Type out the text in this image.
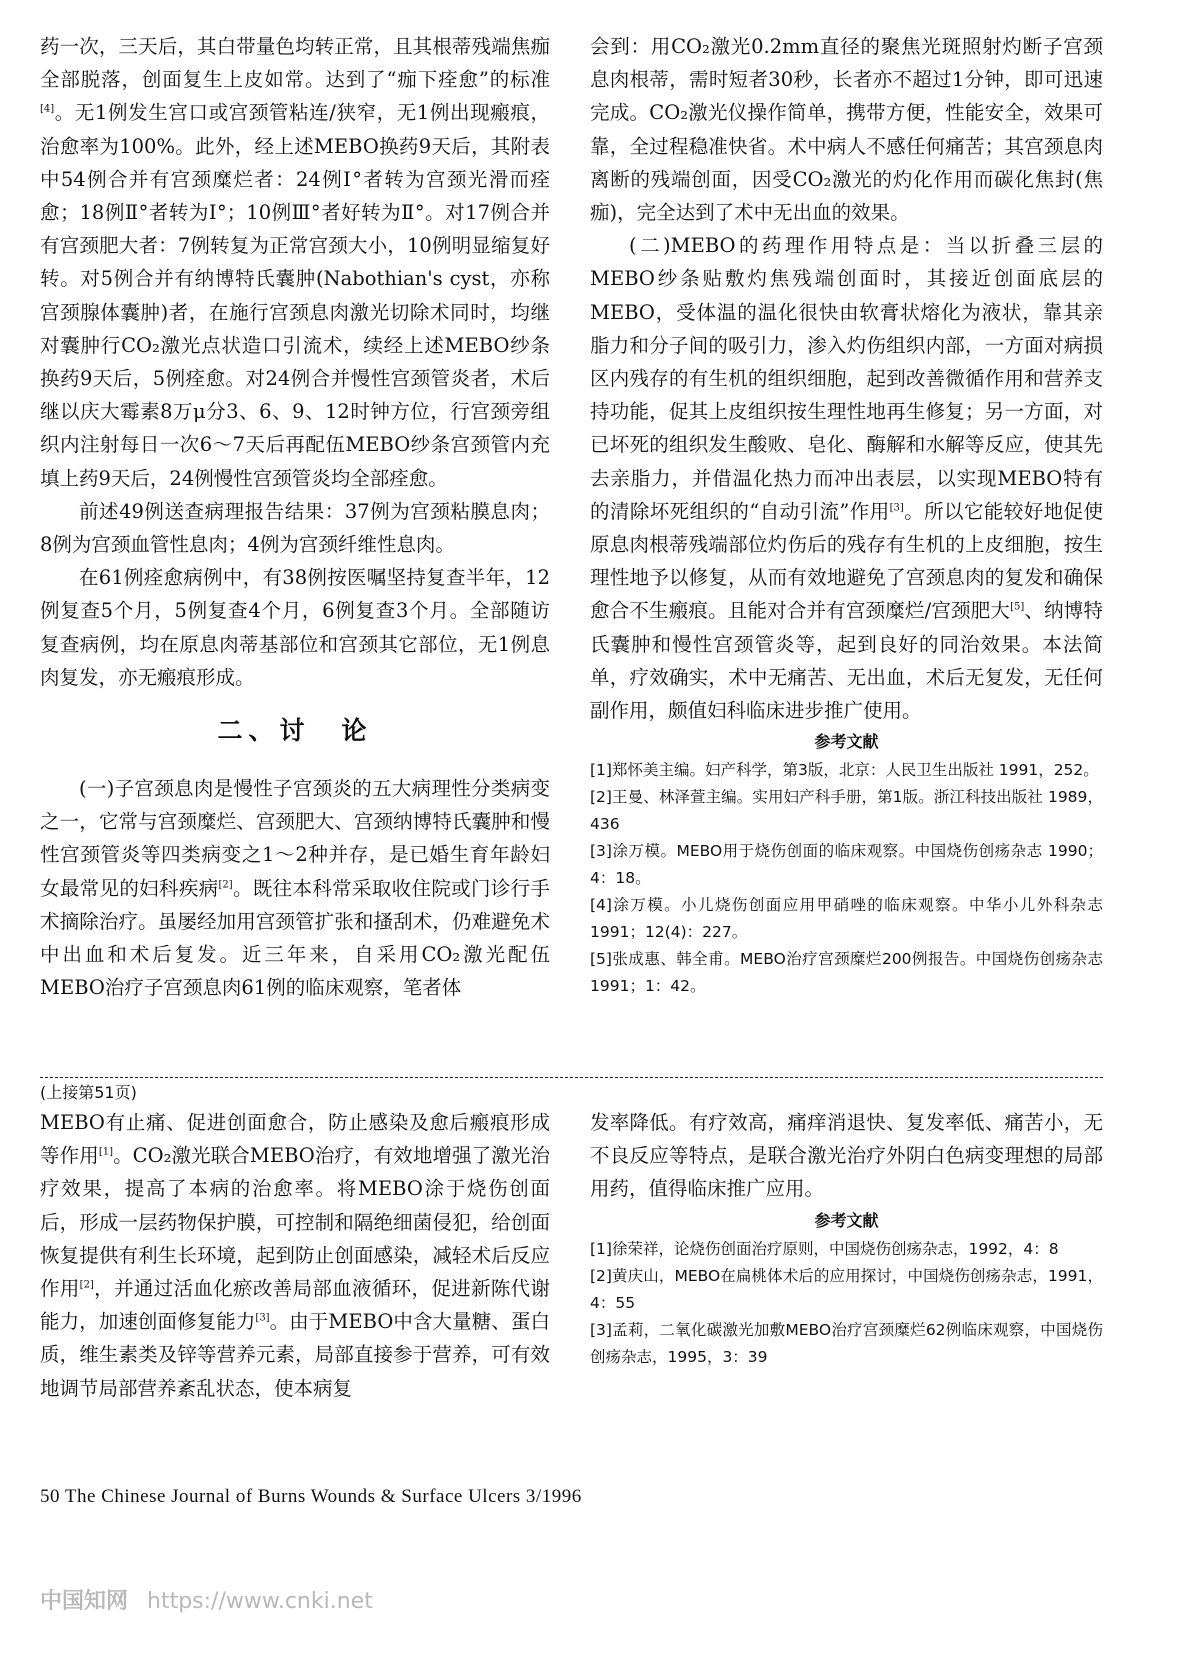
药一次，三天后，其白带量色均转正常，且其根蒂残端焦痂全部脱落，创面复生上皮如常。达到了“痂下痊愈”的标准[4]。无1例发生宫口或宫颈管粘连/狭窄，无1例出现瘢痕，治愈率为100%。此外，经上述MEBO换药9天后，其附表中54例合并有宫颈糜烂者：24例Ⅰ°者转为宫颈光滑而痊愈；18例Ⅱ°者转为Ⅰ°；10例Ⅲ°者好转为Ⅱ°。对17例合并有宫颈肥大者：7例转复为正常宫颈大小，10例明显缩复好转。对5例合并有纳博特氏囊肿(Nabothian's cyst，亦称宫颈腺体囊肿)者，在施行宫颈息肉激光切除术同时，均继对囊肿行CO₂激光点状造口引流术，续经上述MEBO纱条换药9天后，5例痊愈。对24例合并慢性宫颈管炎者，术后继以庆大霉素8万μ分3、6、9、12时钟方位，行宫颈旁组织内注射每日一次6～7天后再配伍MEBO纱条宫颈管内充填上药9天后，24例慢性宫颈管炎均全部痊愈。

前述49例送查病理报告结果：37例为宫颈粘膜息肉；8例为宫颈血管性息肉；4例为宫颈纤维性息肉。

在61例痊愈病例中，有38例按医嘱坚持复查半年，12例复查5个月，5例复查4个月，6例复查3个月。全部随访复查病例，均在原息肉蒂基部位和宫颈其它部位，无1例息肉复发，亦无瘢痕形成。

二、讨　论

(一)子宫颈息肉是慢性子宫颈炎的五大病理性分类病变之一，它常与宫颈糜烂、宫颈肥大、宫颈纳博特氏囊肿和慢性宫颈管炎等四类病变之1～2种并存，是已婚生育年龄妇女最常见的妇科疾病[2]。既往本科常采取收住院或门诊行手术摘除治疗。虽屡经加用宫颈管扩张和搔刮术，仍难避免术中出血和术后复发。近三年来，自采用CO₂激光配伍MEBO治疗子宫颈息肉61例的临床观察，笔者体

会到：用CO₂激光0.2mm直径的聚焦光斑照射灼断子宫颈息肉根蒂，需时短者30秒，长者亦不超过1分钟，即可迅速完成。CO₂激光仪操作简单，携带方便，性能安全，效果可靠，全过程稳准快省。术中病人不感任何痛苦；其宫颈息肉离断的残端创面，因受CO₂激光的灼化作用而碳化焦封(焦痂)，完全达到了术中无出血的效果。

(二)MEBO的药理作用特点是：当以折叠三层的MEBO纱条贴敷灼焦残端创面时，其接近创面底层的MEBO，受体温的温化很快由软膏状熔化为液状，靠其亲脂力和分子间的吸引力，渗入灼伤组织内部，一方面对病损区内残存的有生机的组织细胞，起到改善微循作用和营养支持功能，促其上皮组织按生理性地再生修复；另一方面，对已坏死的组织发生酸败、皂化、酶解和水解等反应，使其先去亲脂力，并借温化热力而冲出表层，以实现MEBO特有的清除坏死组织的“自动引流”作用[3]。所以它能较好地促使原息肉根蒂残端部位灼伤后的残存有生机的上皮细胞，按生理性地予以修复，从而有效地避免了宫颈息肉的复发和确保愈合不生瘢痕。且能对合并有宫颈糜烂/宫颈肥大[5]、纳博特氏囊肿和慢性宫颈管炎等，起到良好的同治效果。本法简单，疗效确实，术中无痛苦、无出血，术后无复发，无任何副作用，颇值妇科临床进步推广使用。

参考文献

[1]郑怀美主编。妇产科学，第3版，北京：人民卫生出版社 1991，252。

[2]王曼、林泽萱主编。实用妇产科手册，第1版。浙江科技出版社 1989，436

[3]涂万模。MEBO用于烧伤创面的临床观察。中国烧伤创疡杂志 1990；4：18。

[4]涂万模。小儿烧伤创面应用甲硝唑的临床观察。中华小儿外科杂志 1991；12(4)：227。

[5]张成惠、韩全甫。MEBO治疗宫颈糜烂200例报告。中国烧伤创疡杂志 1991；1：42。

(上接第51页)

MEBO有止痛、促进创面愈合，防止感染及愈后瘢痕形成等作用[1]。CO₂激光联合MEBO治疗，有效地增强了激光治疗效果，提高了本病的治愈率。将MEBO涂于烧伤创面后，形成一层药物保护膜，可控制和隔绝细菌侵犯，给创面恢复提供有利生长环境，起到防止创面感染，减轻术后反应作用[2]，并通过活血化瘀改善局部血液循环，促进新陈代谢能力，加速创面修复能力[3]。由于MEBO中含大量糖、蛋白质，维生素类及锌等营养元素，局部直接参于营养，可有效地调节局部营养紊乱状态，使本病复

发率降低。有疗效高，痛痒消退快、复发率低、痛苦小，无不良反应等特点，是联合激光治疗外阴白色病变理想的局部用药，值得临床推广应用。

参考文献

[1]徐荣祥，论烧伤创面治疗原则，中国烧伤创疡杂志，1992，4：8

[2]黄庆山，MEBO在扁桃体术后的应用探讨，中国烧伤创疡杂志，1991，4：55

[3]孟莉，二氧化碳激光加敷MEBO治疗宫颈糜烂62例临床观察，中国烧伤创疡杂志，1995，3：39

50 The Chinese Journal of Burns Wounds & Surface Ulcers 3/1996
中国知网 https://www.cnki.net
